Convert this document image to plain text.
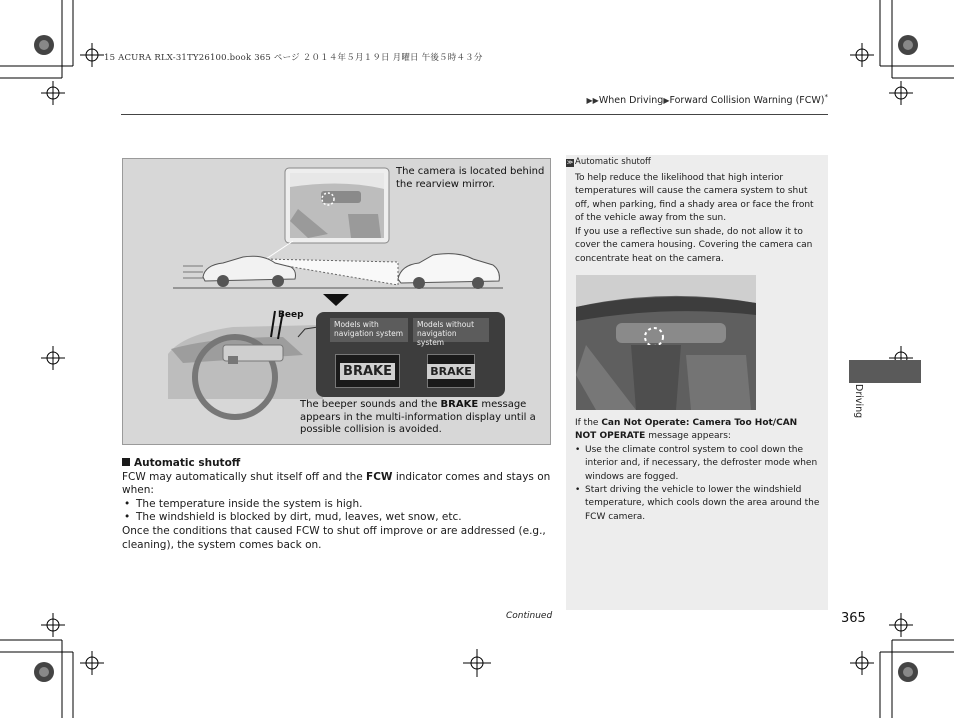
15 ACURA RLX-31TY26100.book 365 ページ ２０１４年５月１９日 月曜日 午後５時４３分
▶▶When Driving▶Forward Collision Warning (FCW)*
The camera is located behind the rearview mirror.
Beep
Models with navigation system
Models without navigation system
BRAKE	BRAKE
The beeper sounds and the BRAKE message appears in the multi-information display until a possible collision is avoided.
Automatic shutoff
FCW may automatically shut itself off and the FCW indicator comes and stays on when:
• The temperature inside the system is high.
• The windshield is blocked by dirt, mud, leaves, wet snow, etc.
Once the conditions that caused FCW to shut off improve or are addressed (e.g., cleaning), the system comes back on.
≫ Automatic shutoff
To help reduce the likelihood that high interior temperatures will cause the camera system to shut off, when parking, find a shady area or face the front of the vehicle away from the sun.
If you use a reflective sun shade, do not allow it to cover the camera housing. Covering the camera can concentrate heat on the camera.
If the Can Not Operate: Camera Too Hot/CAN NOT OPERATE message appears:
• Use the climate control system to cool down the interior and, if necessary, the defroster mode when windows are fogged.
• Start driving the vehicle to lower the windshield temperature, which cools down the area around the FCW camera.
Driving
Continued	365
